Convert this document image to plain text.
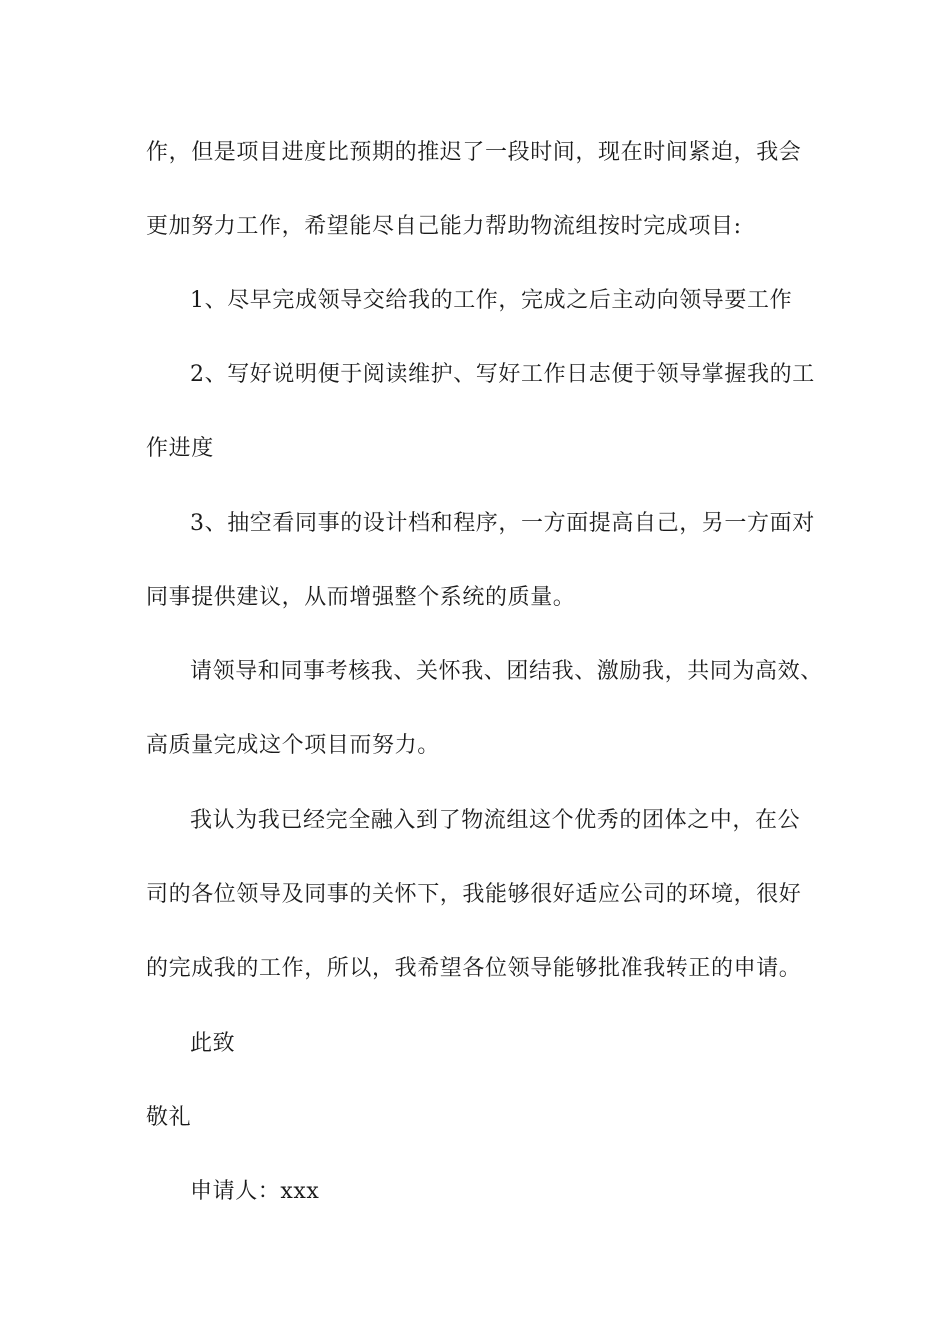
作，但是项目进度比预期的推迟了一段时间，现在时间紧迫，我会
更加努力工作，希望能尽自己能力帮助物流组按时完成项目:
1、尽早完成领导交给我的工作，完成之后主动向领导要工作
2、写好说明便于阅读维护、写好工作日志便于领导掌握我的工
作进度
3、抽空看同事的设计档和程序，一方面提高自己，另一方面对
同事提供建议，从而增强整个系统的质量。
请领导和同事考核我、关怀我、团结我、激励我，共同为高效、
高质量完成这个项目而努力。
我认为我已经完全融入到了物流组这个优秀的团体之中，在公
司的各位领导及同事的关怀下，我能够很好适应公司的环境，很好
的完成我的工作，所以，我希望各位领导能够批准我转正的申请。
此致
敬礼
申请人：xxx
